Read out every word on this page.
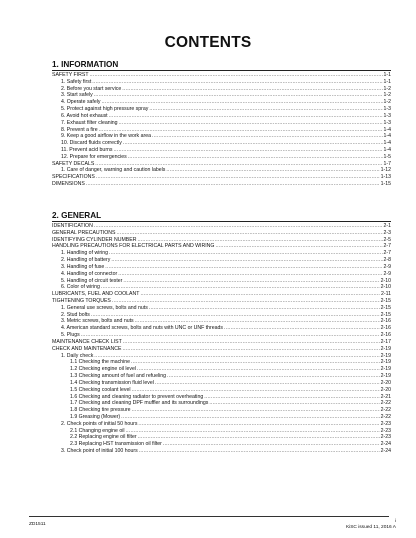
CONTENTS
1. INFORMATION
SAFETY FIRST .....	1-1
1. Safety first .....	1-1
2. Before you start service .....	1-2
3. Start safely .....	1-2
4. Operate safely .....	1-2
5. Protect against high pressure spray .....	1-3
6. Avoid hot exhaust .....	1-3
7. Exhaust filter cleaning .....	1-3
8. Prevent a fire .....	1-4
9. Keep a good airflow in the work area .....	1-4
10. Discard fluids correctly .....	1-4
11. Prevent acid burns .....	1-4
12. Prepare for emergencies .....	1-5
SAFETY DECALS .....	1-7
1. Care of danger, warning and caution labels .....	1-12
SPECIFICATIONS .....	1-13
DIMENSIONS .....	1-15
2. GENERAL
IDENTIFICATION .....	2-1
GENERAL PRECAUTIONS .....	2-3
IDENTIFYING CYLINDER NUMBER .....	2-5
HANDLING PRECAUTIONS FOR ELECTRICAL PARTS AND WIRING .....	2-7
1. Handling of wiring .....	2-7
2. Handling of battery .....	2-8
3. Handling of fuse .....	2-9
4. Handling of connector .....	2-9
5. Handling of circuit tester .....	2-10
6. Color of wiring .....	2-10
LUBRICANTS, FUEL AND COOLANT .....	2-11
TIGHTENING TORQUES .....	2-15
1. General use screws, bolts and nuts .....	2-15
2. Stud bolts .....	2-15
3. Metric screws, bolts and nuts .....	2-16
4. American standard screws, bolts and nuts with UNC or UNF threads .....	2-16
5. Plugs .....	2-16
MAINTENANCE CHECK LIST .....	2-17
CHECK AND MAINTENANCE .....	2-19
1. Daily check .....	2-19
1.1 Checking the machine .....	2-19
1.2 Checking engine oil level .....	2-19
1.3 Checking amount of fuel and refueling .....	2-19
1.4 Checking transmission fluid level .....	2-20
1.5 Checking coolant level .....	2-20
1.6 Checking and cleaning radiator to prevent overheating .....	2-21
1.7 Checking and cleaning DPF muffler and its surroundings .....	2-22
1.8 Checking tire pressure .....	2-22
1.9 Greasing (Mower) .....	2-22
2. Check points of initial 50 hours .....	2-23
2.1 Changing engine oil .....	2-23
2.2 Replacing engine oil filter .....	2-23
2.3 Replacing HST transmission oil filter .....	2-24
3. Check point of initial 100 hours .....	2-24
ZD1511
i
KiSC issued 11, 2016 A
